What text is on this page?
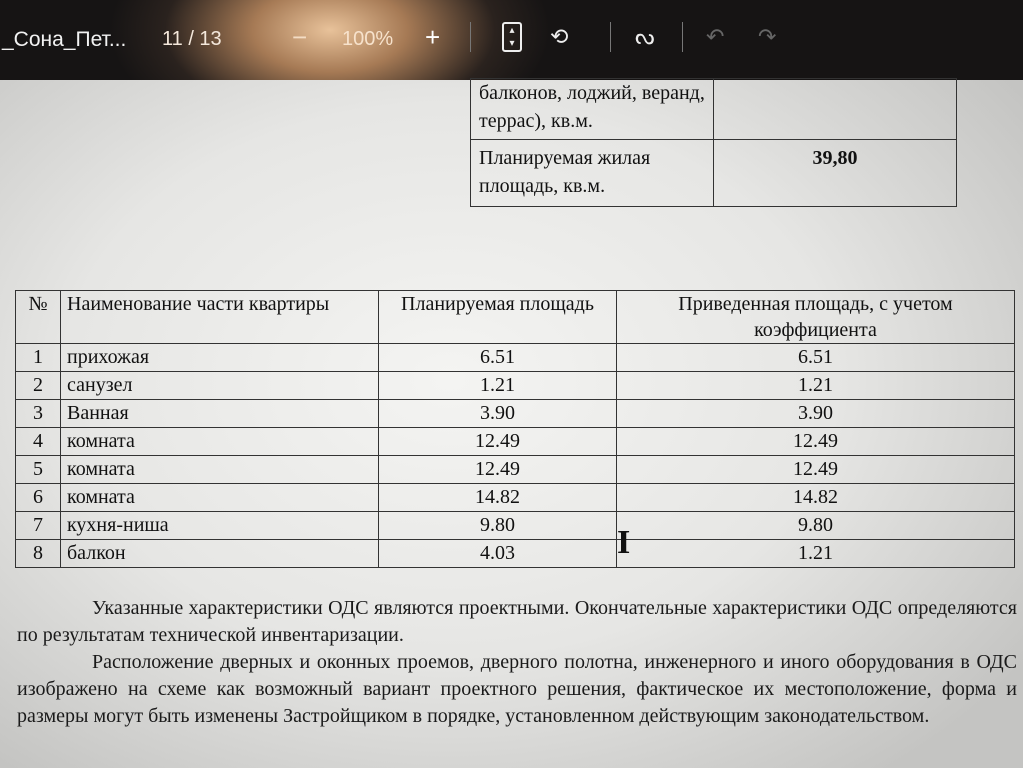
_Сона_Пет... 11 / 13	− 100% +	▴
▾	⟲	ᔓ ↶ ↷
балконов, лоджий, веранд, террас), кв.м.	
Планируемая жилая площадь, кв.м.	39,80
№	Наименование части квартиры	Планируемая площадь	Приведенная площадь, с учетом коэффициента
1	прихожая	6.51	6.51
2	санузел	1.21	1.21
3	Ванная	3.90	3.90
4	комната	12.49	12.49
5	комната	12.49	12.49
6	комната	14.82	14.82
7	кухня-ниша	9.80	9.80
8	балкон	4.03	1.21
I
Указанные характеристики ОДС являются проектными. Окончательные характеристики ОДС определяются по результатам технической инвентаризации.
Расположение дверных и оконных проемов, дверного полотна, инженерного и иного оборудования в ОДС изображено на схеме как возможный вариант проектного решения, фактическое их местоположение, форма и размеры могут быть изменены Застройщиком в порядке, установленном действующим законодательством.
